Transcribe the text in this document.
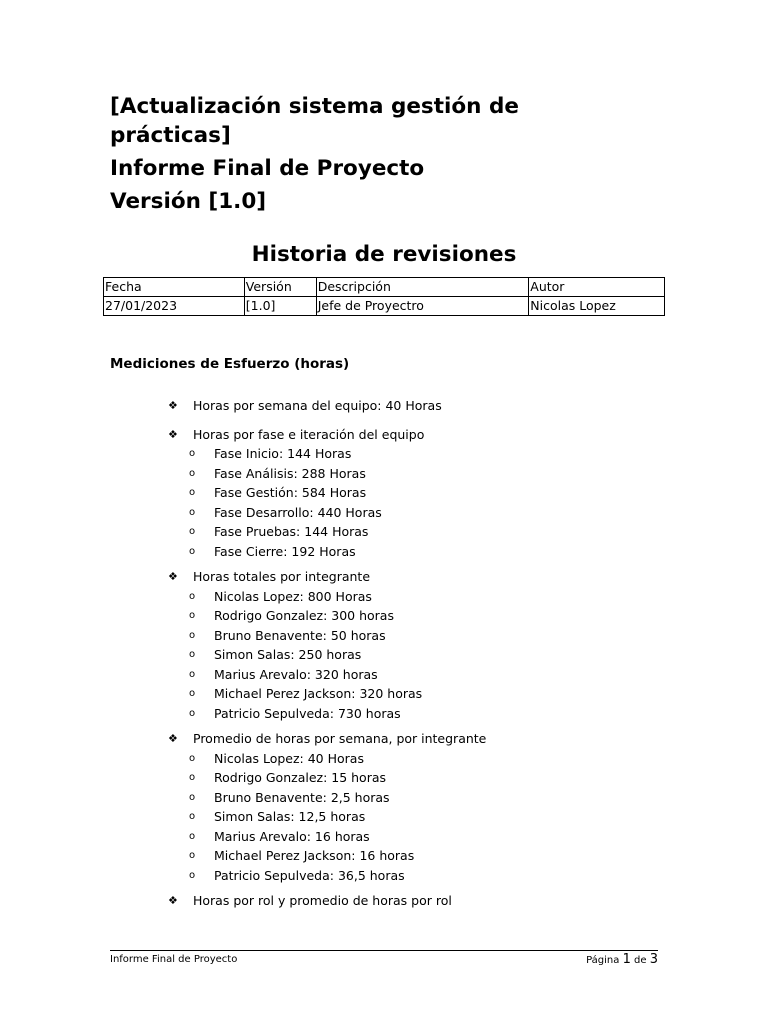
[Actualización sistema gestión de

prácticas]

Informe Final de Proyecto

Versión [1.0]

Historia de revisiones
Fecha	Versión	Descripción	Autor
27/01/2023	[1.0]	Jefe de Proyectro	Nicolas Lopez
Mediciones de Esfuerzo (horas)
❖ Horas por semana del equipo: 40 Horas
❖ Horas por fase e iteración del equipo
o Fase Inicio: 144 Horas
o Fase Análisis: 288 Horas
o Fase Gestión: 584 Horas
o Fase Desarrollo: 440 Horas
o Fase Pruebas: 144 Horas
o Fase Cierre: 192 Horas
❖ Horas totales por integrante
o Nicolas Lopez: 800 Horas
o Rodrigo Gonzalez: 300 horas
o Bruno Benavente: 50 horas
o Simon Salas: 250 horas
o Marius Arevalo: 320 horas
o Michael Perez Jackson: 320 horas
o Patricio Sepulveda: 730 horas
❖ Promedio de horas por semana, por integrante
o Nicolas Lopez: 40 Horas
o Rodrigo Gonzalez: 15 horas
o Bruno Benavente: 2,5 horas
o Simon Salas: 12,5 horas
o Marius Arevalo: 16 horas
o Michael Perez Jackson: 16 horas
o Patricio Sepulveda: 36,5 horas
❖ Horas por rol y promedio de horas por rol
Informe Final de Proyecto	Página 1 de 3
